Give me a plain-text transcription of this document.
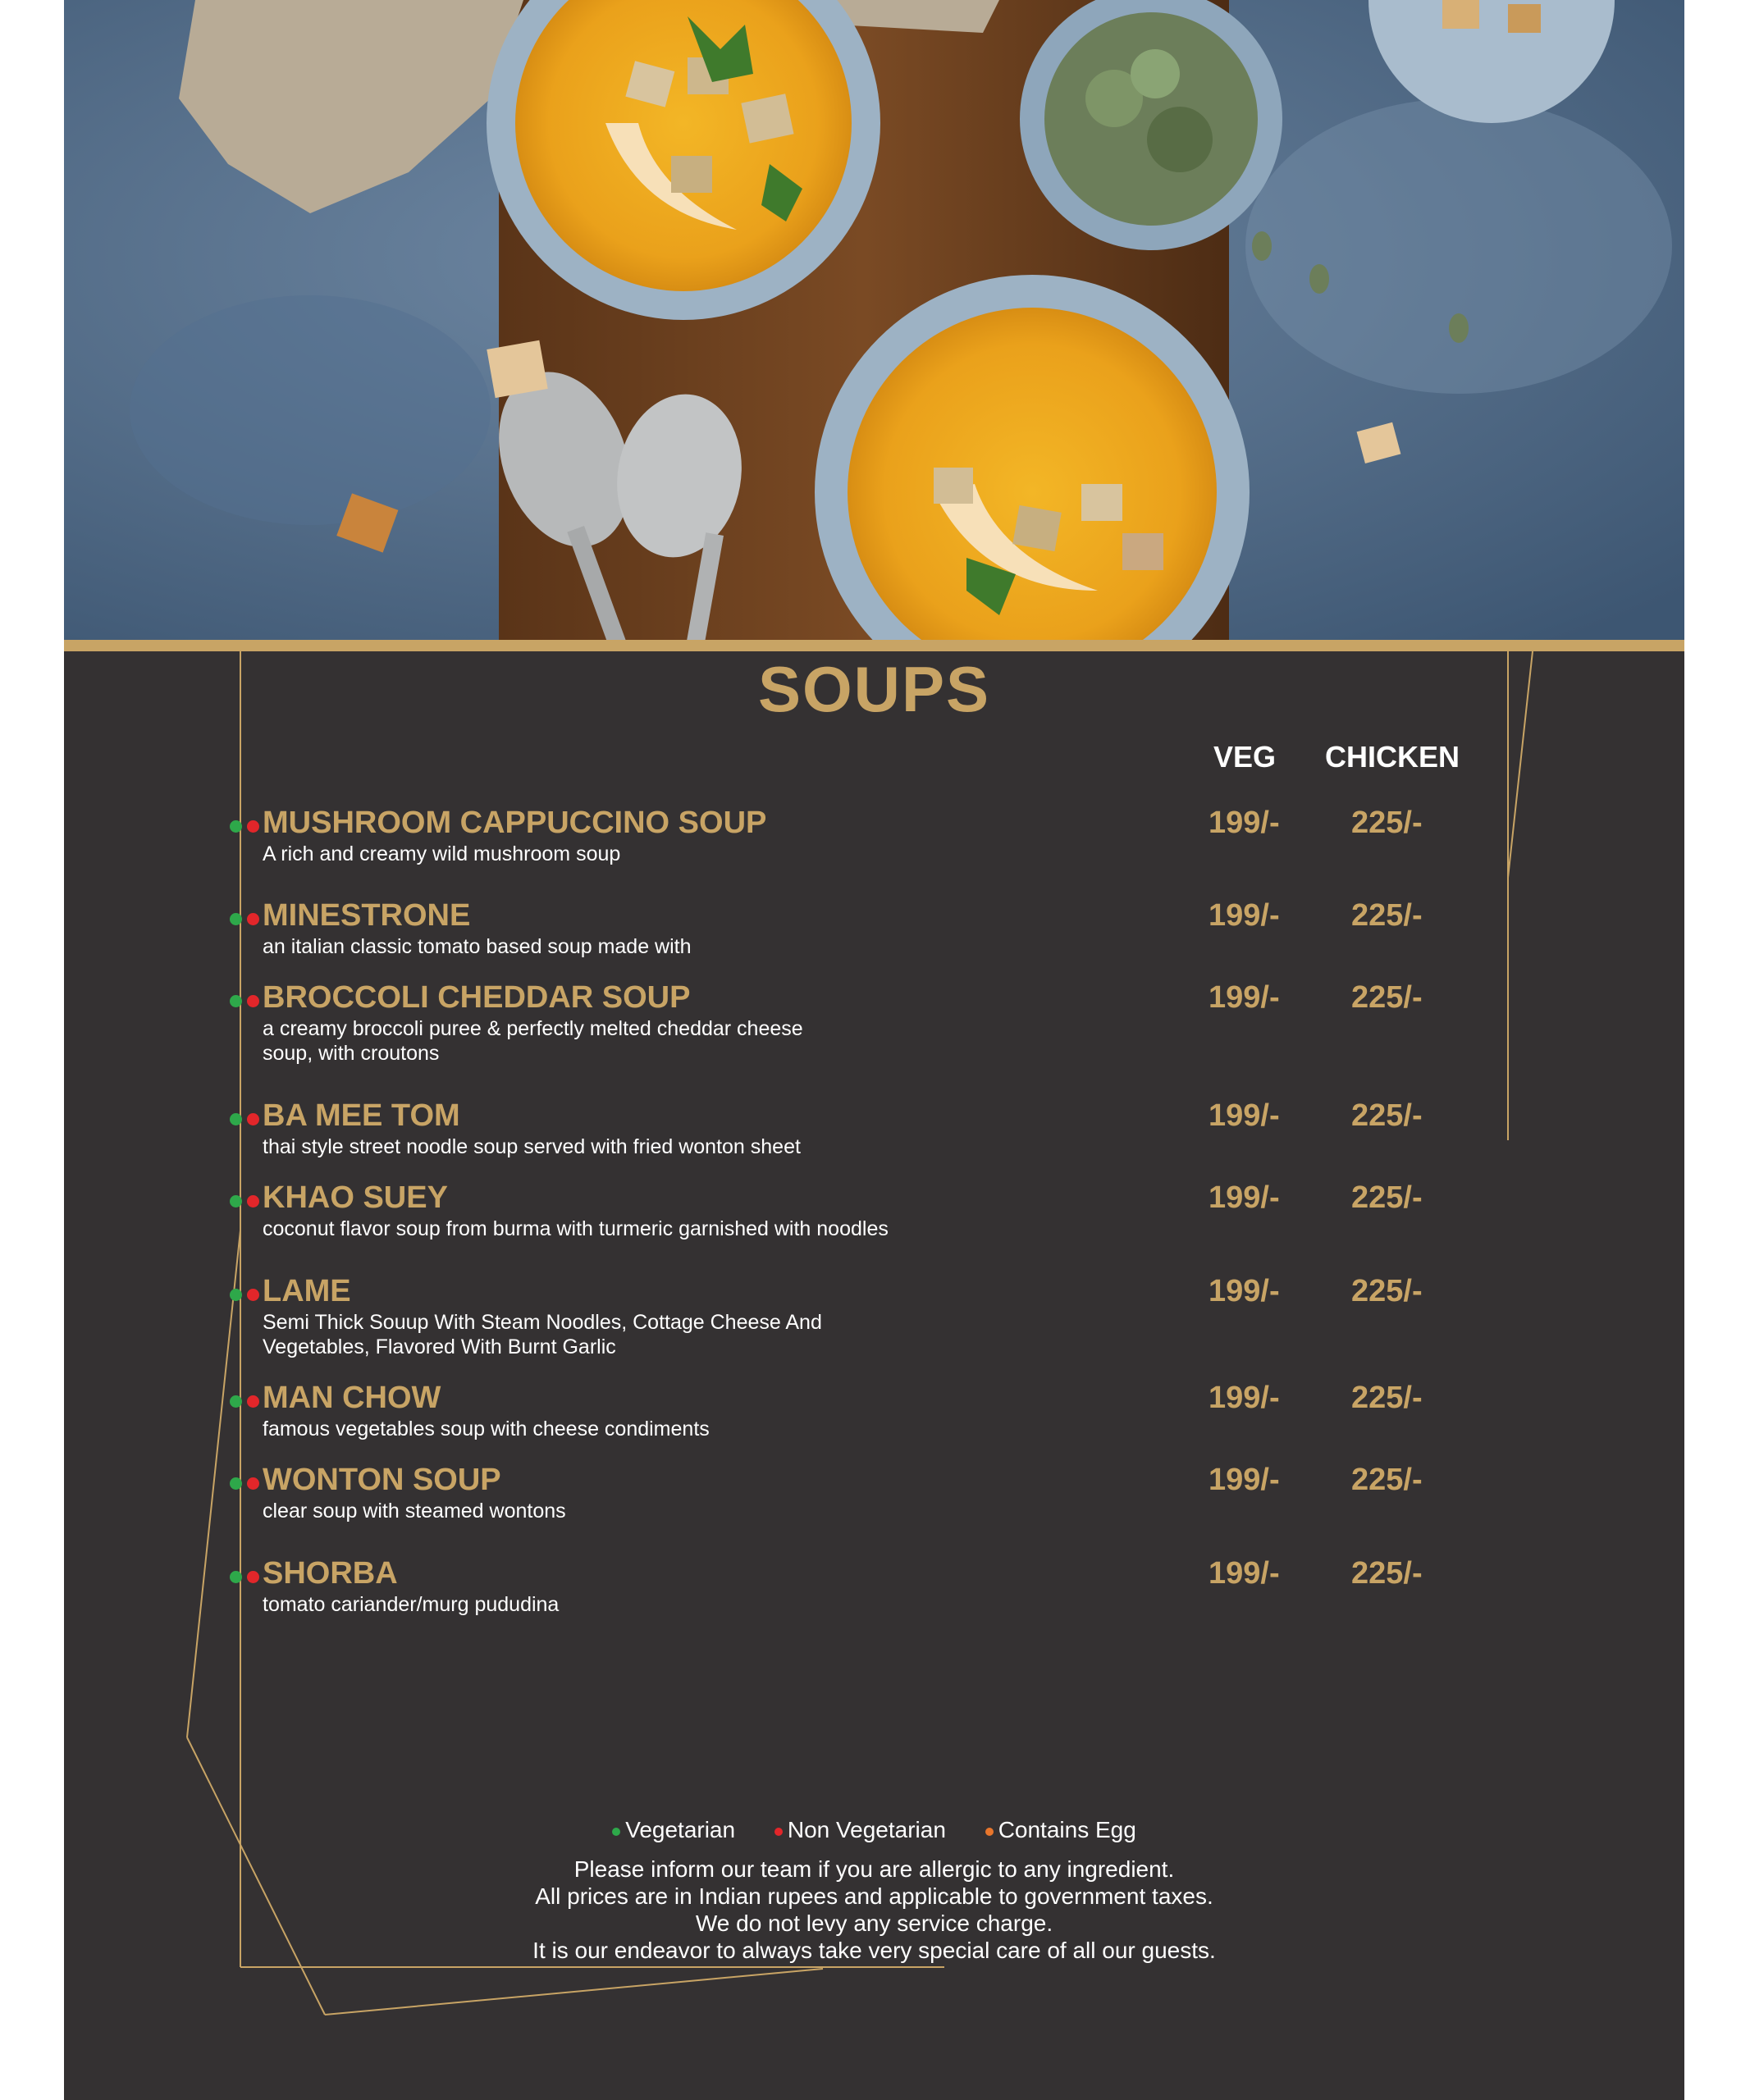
SOUPS
VEG CHICKEN
MUSHROOM CAPPUCCINO SOUP
A rich and creamy wild mushroom soup
199/- 225/-
MINESTRONE
an italian classic tomato based soup made with
199/- 225/-
BROCCOLI CHEDDAR SOUP
a creamy broccoli puree & perfectly melted cheddar cheese soup, with croutons
199/- 225/-
BA MEE TOM
thai style street noodle soup served with fried wonton sheet
199/- 225/-
KHAO SUEY
coconut flavor soup from burma with turmeric garnished with noodles
199/- 225/-
LAME
Semi Thick Souup With Steam Noodles, Cottage Cheese And Vegetables, Flavored With Burnt Garlic
199/- 225/-
MAN CHOW
famous vegetables soup with cheese condiments
199/- 225/-
WONTON SOUP
clear soup with steamed wontons
199/- 225/-
SHORBA
tomato cariander/murg pududina
199/- 225/-
Vegetarian Non Vegetarian Contains Egg
Please inform our team if you are allergic to any ingredient.
All prices are in Indian rupees and applicable to government taxes.
We do not levy any service charge.
It is our endeavor to always take very special care of all our guests.
